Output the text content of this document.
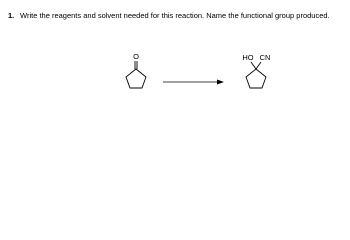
1. Write the reagents and solvent needed for this reaction. Name the functional group produced.
O	HO CN
